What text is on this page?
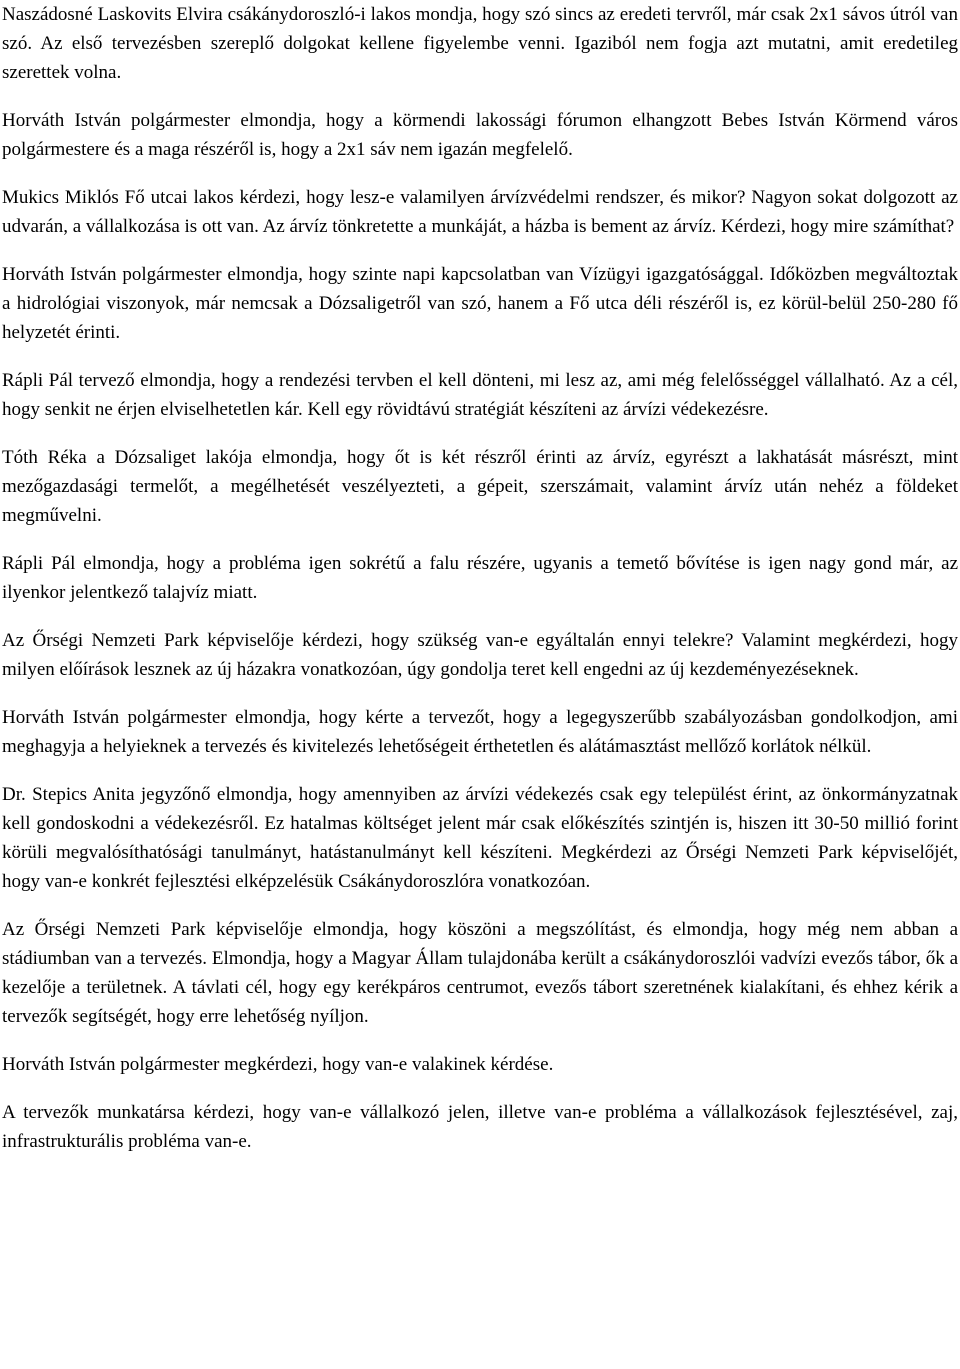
Naszádosné Laskovits Elvira csákánydoroszló-i lakos mondja, hogy szó sincs az eredeti tervről, már csak 2x1 sávos útról van szó. Az első tervezésben szereplő dolgokat kellene figyelembe venni. Igaziból nem fogja azt mutatni, amit eredetileg szerettek volna.

Horváth István polgármester elmondja, hogy a körmendi lakossági fórumon elhangzott Bebes István Körmend város polgármestere és a maga részéről is, hogy a 2x1 sáv nem igazán megfelelő.

Mukics Miklós Fő utcai lakos kérdezi, hogy lesz-e valamilyen árvízvédelmi rendszer, és mikor? Nagyon sokat dolgozott az udvarán, a vállalkozása is ott van. Az árvíz tönkretette a munkáját, a házba is bement az árvíz. Kérdezi, hogy mire számíthat?

Horváth István polgármester elmondja, hogy szinte napi kapcsolatban van Vízügyi igazgatósággal. Időközben megváltoztak a hidrológiai viszonyok, már nemcsak a Dózsaligetről van szó, hanem a Fő utca déli részéről is, ez körül-belül 250-280 fő helyzetét érinti.

Rápli Pál tervező elmondja, hogy a rendezési tervben el kell dönteni, mi lesz az, ami még felelősséggel vállalható. Az a cél, hogy senkit ne érjen elviselhetetlen kár. Kell egy rövidtávú stratégiát készíteni az árvízi védekezésre.

Tóth Réka a Dózsaliget lakója elmondja, hogy őt is két részről érinti az árvíz, egyrészt a lakhatását másrészt, mint mezőgazdasági termelőt, a megélhetését veszélyezteti, a gépeit, szerszámait, valamint árvíz után nehéz a földeket megművelni.

Rápli Pál elmondja, hogy a probléma igen sokrétű a falu részére, ugyanis a temető bővítése is igen nagy gond már, az ilyenkor jelentkező talajvíz miatt.

Az Őrségi Nemzeti Park képviselője kérdezi, hogy szükség van-e egyáltalán ennyi telekre? Valamint megkérdezi, hogy milyen előírások lesznek az új házakra vonatkozóan, úgy gondolja teret kell engedni az új kezdeményezéseknek.

Horváth István polgármester elmondja, hogy kérte a tervezőt, hogy a legegyszerűbb szabályozásban gondolkodjon, ami meghagyja a helyieknek a tervezés és kivitelezés lehetőségeit érthetetlen és alátámasztást mellőző korlátok nélkül.

Dr. Stepics Anita jegyzőnő elmondja, hogy amennyiben az árvízi védekezés csak egy települést érint, az önkormányzatnak kell gondoskodni a védekezésről. Ez hatalmas költséget jelent már csak előkészítés szintjén is, hiszen itt 30-50 millió forint körüli megvalósíthatósági tanulmányt, hatástanulmányt kell készíteni. Megkérdezi az Őrségi Nemzeti Park képviselőjét, hogy van-e konkrét fejlesztési elképzelésük Csákánydoroszlóra vonatkozóan.

Az Őrségi Nemzeti Park képviselője elmondja, hogy köszöni a megszólítást, és elmondja, hogy még nem abban a stádiumban van a tervezés. Elmondja, hogy a Magyar Állam tulajdonába került a csákánydoroszlói vadvízi evezős tábor, ők a kezelője a területnek. A távlati cél, hogy egy kerékpáros centrumot, evezős tábort szeretnének kialakítani, és ehhez kérik a tervezők segítségét, hogy erre lehetőség nyíljon.

Horváth István polgármester megkérdezi, hogy van-e valakinek kérdése.

A tervezők munkatársa kérdezi, hogy van-e vállalkozó jelen, illetve van-e probléma a vállalkozások fejlesztésével, zaj, infrastrukturális probléma van-e.
